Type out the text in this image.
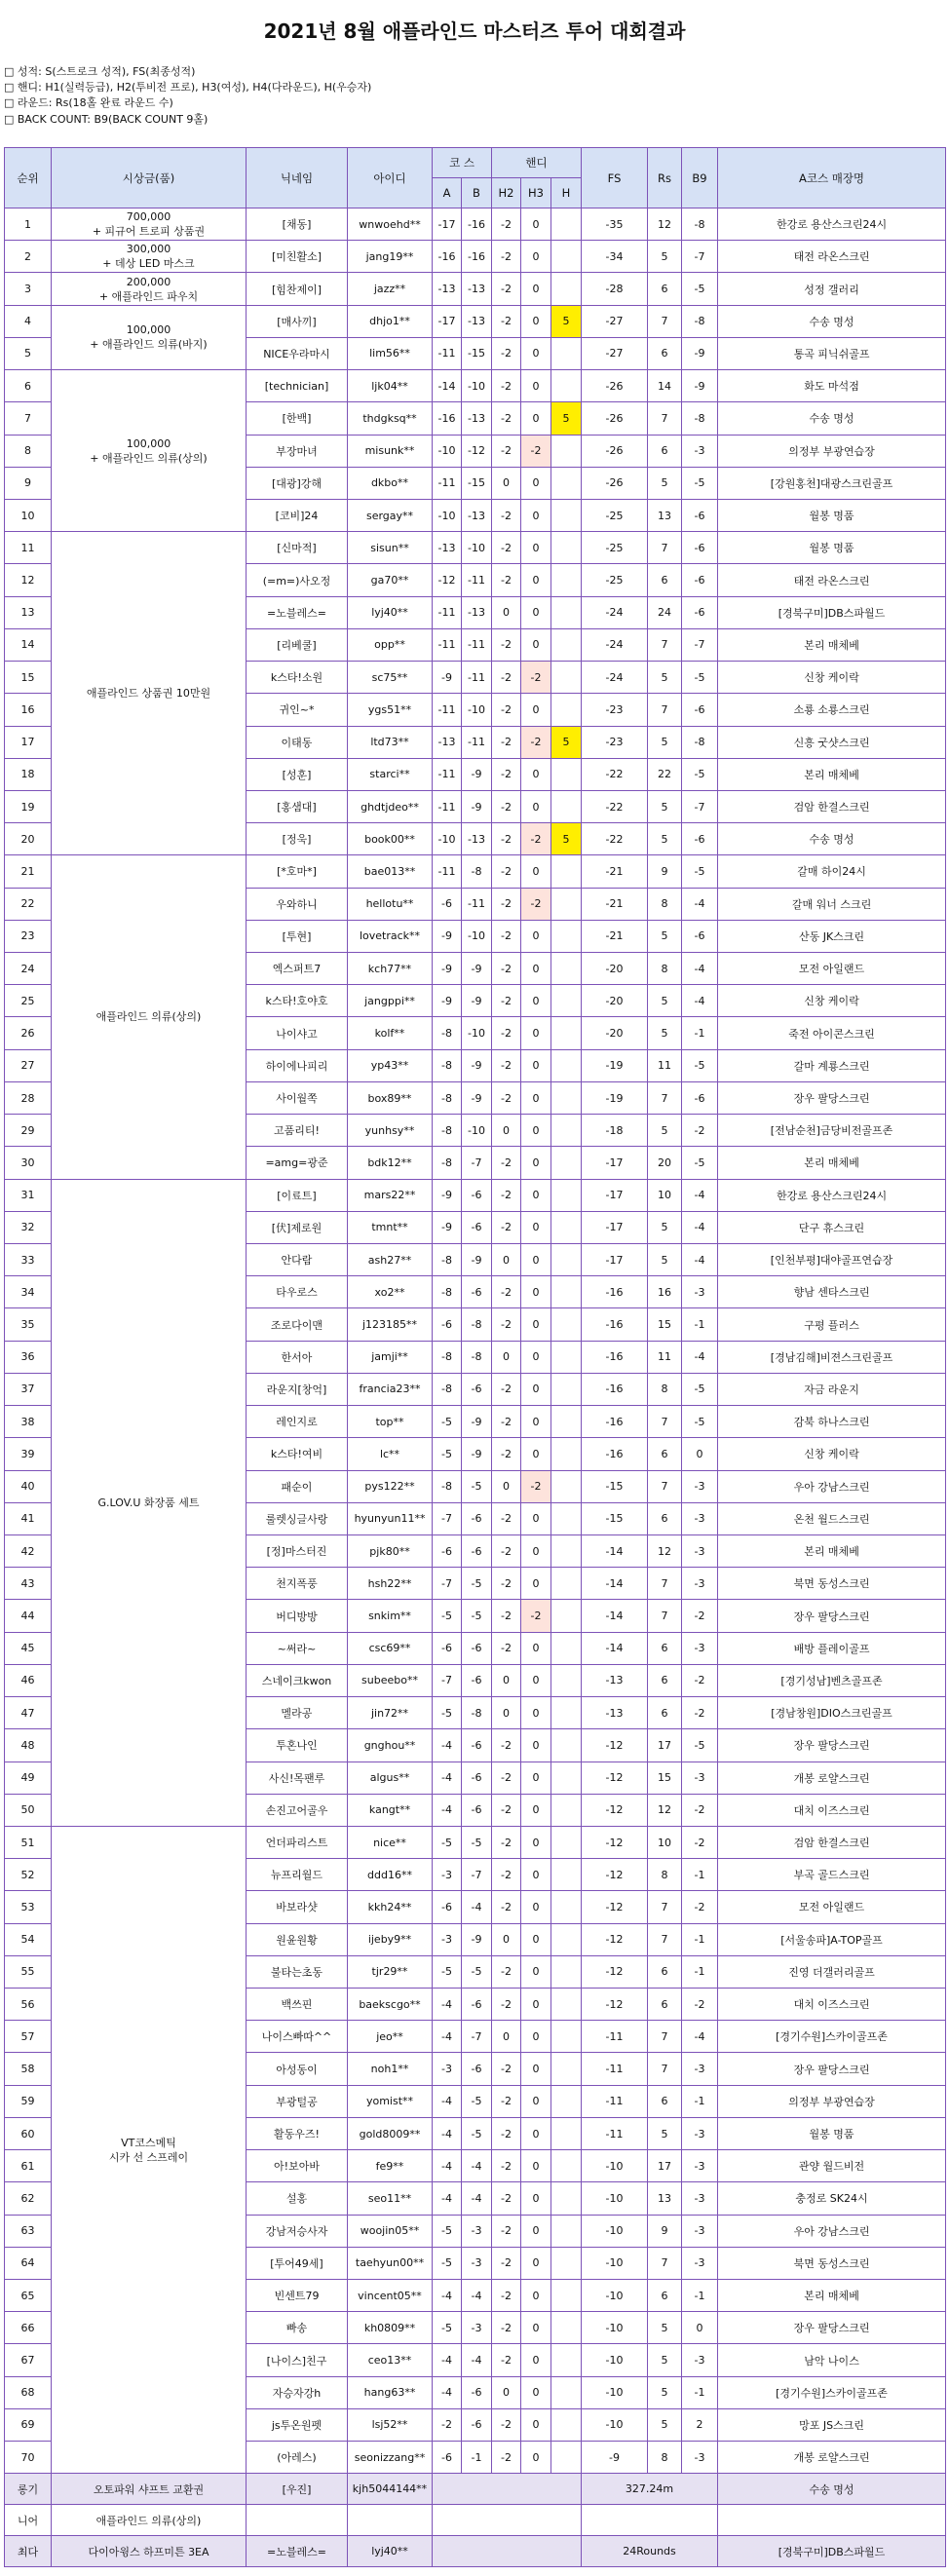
2021년 8월 애플라인드 마스터즈 투어 대회결과
□ 성적: S(스트로크 성적), FS(최종성적)
□ 핸디: H1(실력등급), H2(투비전 프로), H3(여성), H4(다라운드), H(우승자)
□ 라운드: Rs(18홀 완료 라운드 수)
□ BACK COUNT: B9(BACK COUNT 9홀)
순위	시상금(품)	닉네임	아이디	코 스		핸디			FS	Rs	B9	A코스 매장명
				A	B	H2	H3	H				
1	700,000
+ 피규어 트로피 상품권	[채동]	wnwoehd**	-17	-16	-2	0		-35	12	-8	한강로 용산스크린24시
2	300,000
+ 데상 LED 마스크	[미친활소]	jang19**	-16	-16	-2	0		-34	5	-7	태전 라온스크린
3	200,000
+ 애플라인드 파우치	[힘찬제이]	jazz**	-13	-13	-2	0		-28	6	-5	성정 갤러리
4	100,000
+ 애플라인드 의류(바지)	[매사끼]	dhjo1**	-17	-13	-2	0	5	-27	7	-8	수송 명성
5		NICE우라마시	lim56**	-11	-15	-2	0		-27	6	-9	통곡 피닉쉬골프
6	100,000
+ 애플라인드 의류(상의)	[technician]	ljk04**	-14	-10	-2	0		-26	14	-9	화도 마석점
7		[한백]	thdgksq**	-16	-13	-2	0	5	-26	7	-8	수송 명성
8		부장마녀	misunk**	-10	-12	-2	-2		-26	6	-3	의정부 부광연습장
9		[대광]강해	dkbo**	-11	-15	0	0		-26	5	-5	[강원홍천]대광스크린골프
10		[코비]24	sergay**	-10	-13	-2	0		-25	13	-6	월봉 명품
11	애플라인드 상품권 10만원	[신마적]	sisun**	-13	-10	-2	0		-25	7	-6	월봉 명품
12		(=m=)사오정	ga70**	-12	-11	-2	0		-25	6	-6	태전 라온스크린
13		=노블레스=	lyj40**	-11	-13	0	0		-24	24	-6	[경북구미]DB스파월드
14		[리베쿨]	opp**	-11	-11	-2	0		-24	7	-7	본리 매체베
15		k스타!소원	sc75**	-9	-11	-2	-2		-24	5	-5	신창 케이락
16		귀인~*	ygs51**	-11	-10	-2	0		-23	7	-6	소룡 소룡스크린
17		이태동	ltd73**	-13	-11	-2	-2	5	-23	5	-8	신흥 굿샷스크린
18		[성훈]	starci**	-11	-9	-2	0		-22	22	-5	본리 매체베
19		[홍샘대]	ghdtjdeo**	-11	-9	-2	0		-22	5	-7	검암 한결스크린
20		[정욱]	book00**	-10	-13	-2	-2	5	-22	5	-6	수송 명성
21	애플라인드 의류(상의)	[*호마*]	bae013**	-11	-8	-2	0		-21	9	-5	갈매 하이24시
22		우와하니	hellotu**	-6	-11	-2	-2		-21	8	-4	갈매 워너 스크린
23		[투현]	lovetrack**	-9	-10	-2	0		-21	5	-6	산동 JK스크린
24		엑스퍼트7	kch77**	-9	-9	-2	0		-20	8	-4	모전 아일랜드
25		k스타!호야호	jangppi**	-9	-9	-2	0		-20	5	-4	신창 케이락
26		나이샤고	kolf**	-8	-10	-2	0		-20	5	-1	죽전 아이콘스크린
27		하이에나피리	yp43**	-8	-9	-2	0		-19	11	-5	갈마 계룡스크린
28		사이월쪽	box89**	-8	-9	-2	0		-19	7	-6	장우 팔당스크린
29		고품리티!	yunhsy**	-8	-10	0	0		-18	5	-2	[전남순천]금당비전골프존
30		=amg=광준	bdk12**	-8	-7	-2	0		-17	20	-5	본리 매체베
31	G.LOV.U 화장품 세트	[이료트]	mars22**	-9	-6	-2	0		-17	10	-4	한강로 용산스크린24시
32		[伏]제로원	tmnt**	-9	-6	-2	0		-17	5	-4	단구 휴스크린
33		안다람	ash27**	-8	-9	0	0		-17	5	-4	[인천부평]대야골프연습장
34		타우로스	xo2**	-8	-6	-2	0		-16	16	-3	향남 센타스크린
35		조로다이맨	j123185**	-6	-8	-2	0		-16	15	-1	구평 플러스
36		한서아	jamji**	-8	-8	0	0		-16	11	-4	[경남김해]비젼스크린골프
37		라운지[창억]	francia23**	-8	-6	-2	0		-16	8	-5	자금 라운지
38		레인지로	top**	-5	-9	-2	0		-16	7	-5	감북 하나스크린
39		k스타!여비	lc**	-5	-9	-2	0		-16	6	0	신창 케이락
40		패순이	pys122**	-8	-5	0	-2		-15	7	-3	우아 강남스크린
41		룰렛싱글사랑	hyunyun11**	-7	-6	-2	0		-15	6	-3	온천 월드스크린
42		[정]마스터진	pjk80**	-6	-6	-2	0		-14	12	-3	본리 매체베
43		천지폭풍	hsh22**	-7	-5	-2	0		-14	7	-3	북면 동성스크린
44		버디방방	snkim**	-5	-5	-2	-2		-14	7	-2	장우 팔당스크린
45		~써라~	csc69**	-6	-6	-2	0		-14	6	-3	배방 플레이골프
46		스네이크kwon	subeebo**	-7	-6	0	0		-13	6	-2	[경기성남]벤츠골프존
47		멜라공	jin72**	-5	-8	0	0		-13	6	-2	[경남창원]DIO스크린골프
48		투혼나인	gnghou**	-4	-6	-2	0		-12	17	-5	장우 팔당스크린
49		사신!목팬루	algus**	-4	-6	-2	0		-12	15	-3	개봉 로얄스크린
50		손진고어골우	kangt**	-4	-6	-2	0		-12	12	-2	대치 이즈스크린
51	VT코스메틱
시카 선 스프레이	언더파리스트	nice**	-5	-5	-2	0		-12	10	-2	검암 한결스크린
52		뉴프리월드	ddd16**	-3	-7	-2	0		-12	8	-1	부곡 골드스크린
53		바보라샷	kkh24**	-6	-4	-2	0		-12	7	-2	모전 아일랜드
54		원윤원황	ijeby9**	-3	-9	0	0		-12	7	-1	[서울송파]A-TOP골프
55		불타는초동	tjr29**	-5	-5	-2	0		-12	6	-1	진영 더갤러리골프
56		백쓰핀	baekscgo**	-4	-6	-2	0		-12	6	-2	대치 이즈스크린
57		나이스빠따^^	jeo**	-4	-7	0	0		-11	7	-4	[경기수원]스카이골프존
58		아성동이	noh1**	-3	-6	-2	0		-11	7	-3	장우 팔당스크린
59		부광털공	yomist**	-4	-5	-2	0		-11	6	-1	의정부 부광연습장
60		활동우즈!	gold8009**	-4	-5	-2	0		-11	5	-3	월봉 명품
61		아!보아바	fe9**	-4	-4	-2	0		-10	17	-3	관양 월드비전
62		설홍	seo11**	-4	-4	-2	0		-10	13	-3	충정로 SK24시
63		강남저승사자	woojin05**	-5	-3	-2	0		-10	9	-3	우아 강남스크린
64		[투어49세]	taehyun00**	-5	-3	-2	0		-10	7	-3	북면 동성스크린
65		빈센트79	vincent05**	-4	-4	-2	0		-10	6	-1	본리 매체베
66		빠송	kh0809**	-5	-3	-2	0		-10	5	0	장우 팔당스크린
67		[나이스]친구	ceo13**	-4	-4	-2	0		-10	5	-3	남악 나이스
68		자승자강h	hang63**	-4	-6	0	0		-10	5	-1	[경기수원]스카이골프존
69		js투온원펫	lsj52**	-2	-6	-2	0		-10	5	2	망포 JS스크린
70		(아레스)	seonizzang**	-6	-1	-2	0		-9	8	-3	개봉 로얄스크린
롱기	오토파워 샤프트 교환권	[우진]	kjh5044144**						327.24m			수송 명성
니어	애플라인드 의류(상의)											
최다	다이아윙스 하프미튼 3EA	=노블레스=	lyj40**						24Rounds			[경북구미]DB스파월드
